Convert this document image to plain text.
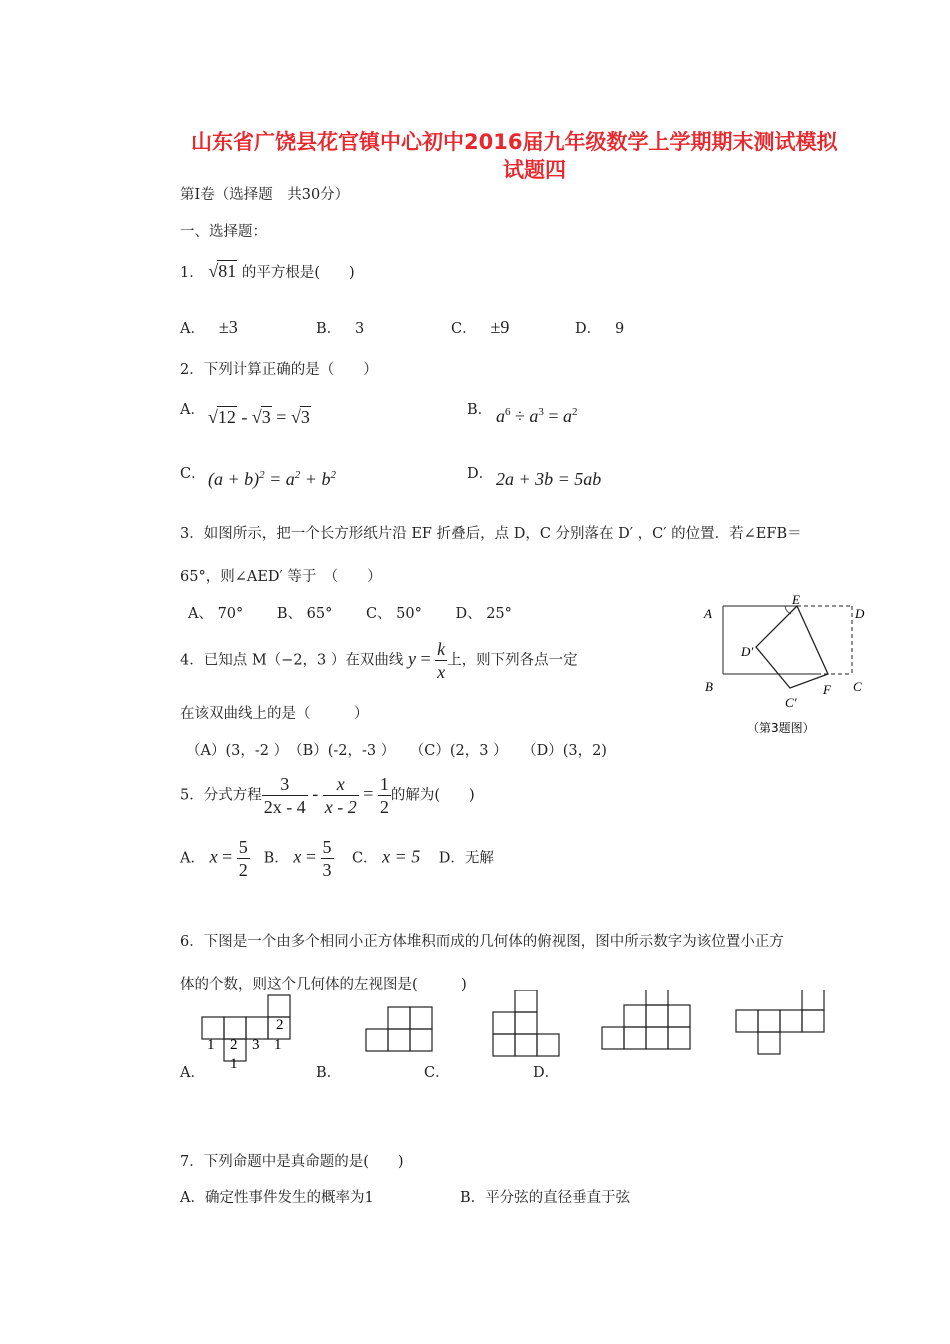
山东省广饶县花官镇中心初中2016届九年级数学上学期期末测试模拟
试题四
第Ⅰ卷（选择题　共30分）
一、选择题：
1． √81 的平方根是(　　)
A． ±3	B． 3	C． ±9	D． 9
2．下列计算正确的是（　　）
A． √12 - √3 = √3	B． $a^6 \div a^3 = a^2$
C． $(a + b)^2 = a^2 + b^2$	D． 2a + 3b = 5ab
3．如图所示，把一个长方形纸片沿 EF 折叠后，点 D，C 分别落在 D′ ，C′ 的位置．若∠EFB＝
65°，则∠AED′ 等于　（　　）
A、 70°　　 B、 65°　　 C、 50°　　 D、 25°	A
E
D
D′
B
C′
F C
（第3题图）
4．已知点 M（−2，3 ）在双曲线 $y = \frac{k}{x}$ 上，则下列各点一定
在该双曲线上的是（　　　）
（A）(3，-2 ）　（B）(-2，-3 ）　　（C）(2，3 ）　　（D）(3，2)
5．分式方程 $\frac{3}{2x - 4} - \frac{x}{x - 2} = \frac{1}{2}$ 的解为(　　)
A． $x = \frac{5}{2}$ B． $x = \frac{5}{3}$ C． x = 5 D．无解
6．下图是一个由多个相同小正方体堆积而成的几何体的俯视图，图中所示数字为该位置小正方
体的个数，则这个几何体的左视图是(　　　)
2
1 2 3 1
1
A．	B．	C．	D．
7．下列命题中是真命题的是(　　)
A．确定性事件发生的概率为1	B．平分弦的直径垂直于弦
